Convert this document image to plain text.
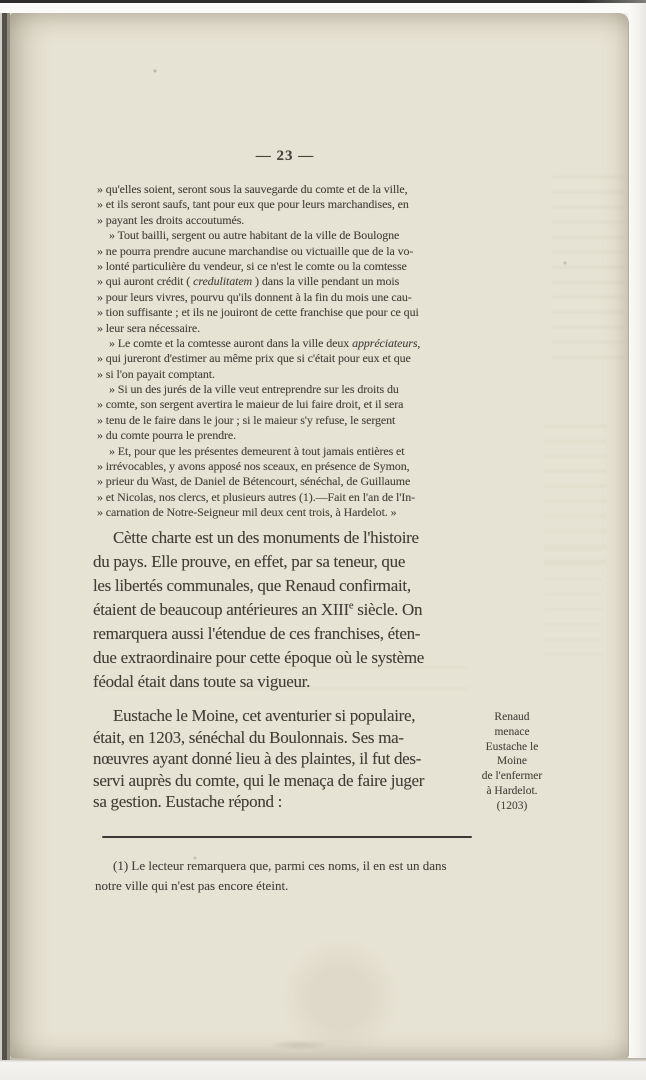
— 23 —
» qu'elles soient, seront sous la sauvegarde du comte et de la ville,
» et ils seront saufs, tant pour eux que pour leurs marchandises, en
» payant les droits accoutumés.
» Tout bailli, sergent ou autre habitant de la ville de Boulogne
» ne pourra prendre aucune marchandise ou victuaille que de la vo-
» lonté particulière du vendeur, si ce n'est le comte ou la comtesse
» qui auront crédit ( credulitatem ) dans la ville pendant un mois
» pour leurs vivres, pourvu qu'ils donnent à la fin du mois une cau-
» tion suffisante ; et ils ne jouiront de cette franchise que pour ce qui
» leur sera nécessaire.
» Le comte et la comtesse auront dans la ville deux appréciateurs,
» qui jureront d'estimer au même prix que si c'était pour eux et que
» si l'on payait comptant.
» Si un des jurés de la ville veut entreprendre sur les droits du
» comte, son sergent avertira le maieur de lui faire droit, et il sera
» tenu de le faire dans le jour ; si le maieur s'y refuse, le sergent
» du comte pourra le prendre.
» Et, pour que les présentes demeurent à tout jamais entières et
» irrévocables, y avons apposé nos sceaux, en présence de Symon,
» prieur du Wast, de Daniel de Bétencourt, sénéchal, de Guillaume
» et Nicolas, nos clercs, et plusieurs autres (1).—Fait en l'an de l'In-
» carnation de Notre-Seigneur mil deux cent trois, à Hardelot. »
Cètte charte est un des monuments de l'histoire
du pays. Elle prouve, en effet, par sa teneur, que
les libertés communales, que Renaud confirmait,
étaient de beaucoup antérieures an XIIIe siècle. On
remarquera aussi l'étendue de ces franchises, éten-
due extraordinaire pour cette époque où le système
féodal était dans toute sa vigueur.
Eustache le Moine, cet aventurier si populaire,
était, en 1203, sénéchal du Boulonnais. Ses ma-
nœuvres ayant donné lieu à des plaintes, il fut des-
servi auprès du comte, qui le menaça de faire juger
sa gestion. Eustache répond :
Renaud
menace
Eustache le
Moine
de l'enfermer
à Hardelot.
(1203)
(1) Le lecteur remarquera que, parmi ces noms, il en est un dans
notre ville qui n'est pas encore éteint.
